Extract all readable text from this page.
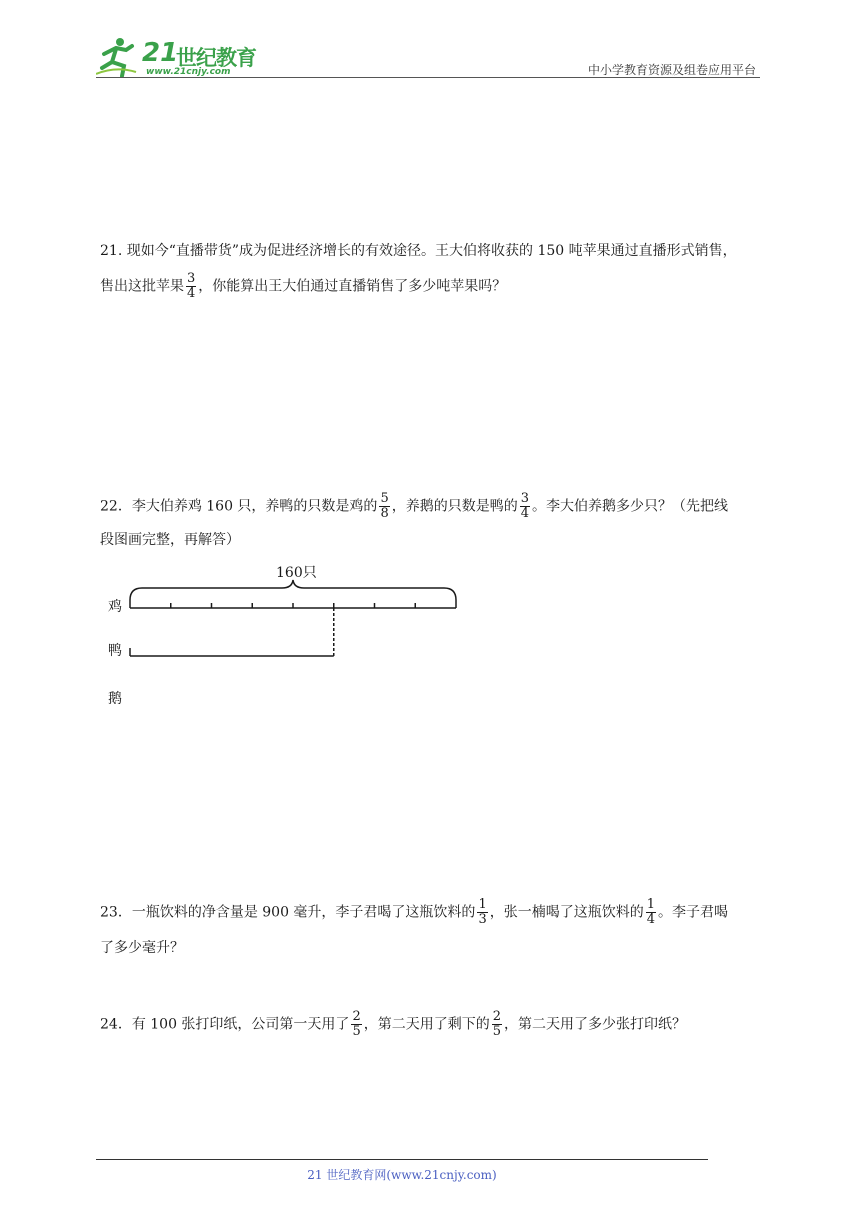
21
世纪教育
www.21cnjy.com	中小学教育资源及组卷应用平台
21. 现如今“直播带货”成为促进经济增长的有效途径。王大伯将收获的 150 吨苹果通过直播形式销售，
售出这批苹果 $\frac{3}{4}$ ，你能算出王大伯通过直播销售了多少吨苹果吗？
22．李大伯养鸡 160 只，养鸭的只数是鸡的 $\frac{5}{8}$ ，养鹅的只数是鸭的 $\frac{3}{4}$ 。李大伯养鹅多少只？（先把线
段图画完整，再解答）
鸡
鸭
鹅
160只
23．一瓶饮料的净含量是 900 毫升，李子君喝了这瓶饮料的 $\frac{1}{3}$ ，张一楠喝了这瓶饮料的 $\frac{1}{4}$ 。李子君喝
了多少毫升？
24．有 100 张打印纸，公司第一天用了 $\frac{2}{5}$ ，第二天用了剩下的 $\frac{2}{5}$ ，第二天用了多少张打印纸？
21 世纪教育网(www.21cnjy.com)
